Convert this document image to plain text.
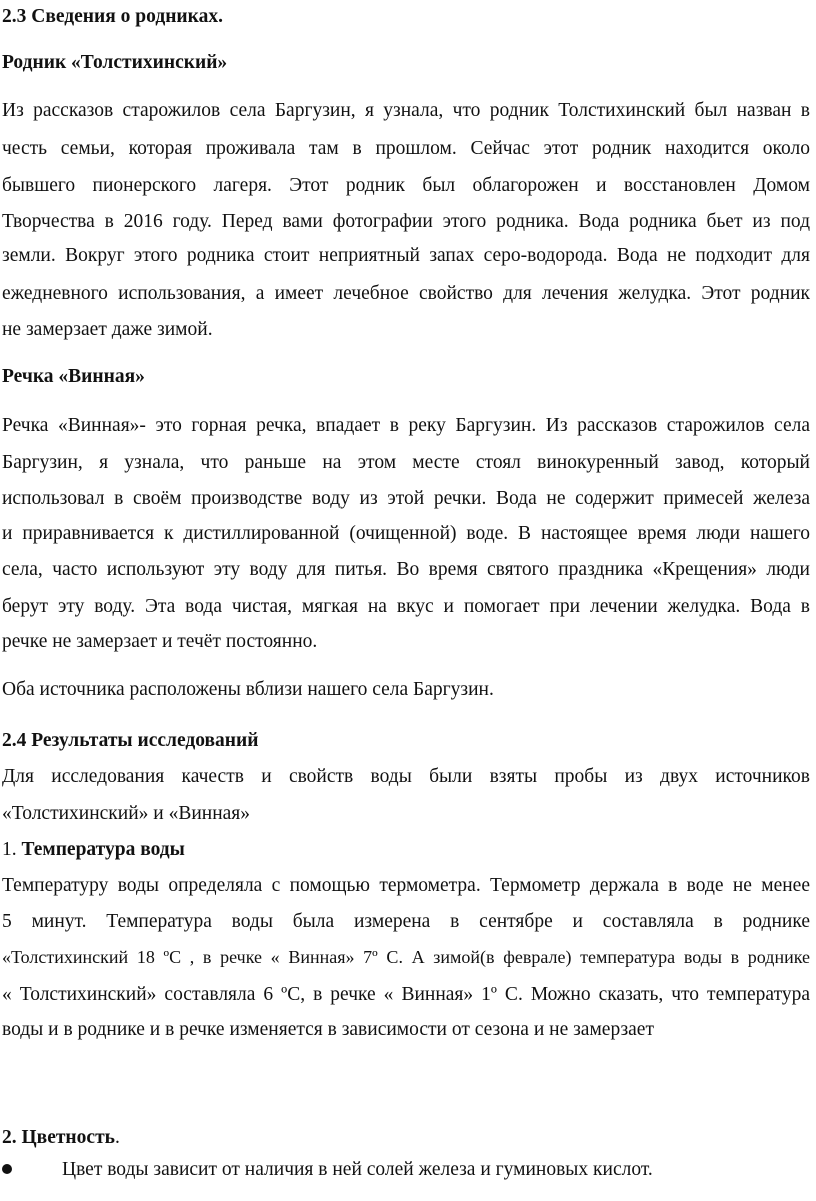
2.3 Сведения о родниках.
Родник «Толстихинский»
Из рассказов старожилов села Баргузин, я узнала, что родник Толстихинский был назван в
честь семьи, которая проживала там в прошлом. Сейчас этот родник находится около
бывшего пионерского лагеря. Этот родник был облагорожен и восстановлен Домом
Творчества в 2016 году. Перед вами фотографии этого родника. Вода родника бьет из под
земли. Вокруг этого родника стоит неприятный запах серо-водорода. Вода не подходит для
ежедневного использования, а имеет лечебное свойство для лечения желудка. Этот родник
не замерзает даже зимой.
Речка «Винная»
Речка «Винная»- это горная речка, впадает в реку Баргузин. Из рассказов старожилов села
Баргузин, я узнала, что раньше на этом месте стоял винокуренный завод, который
использовал в своём производстве воду из этой речки. Вода не содержит примесей железа
и приравнивается к дистиллированной (очищенной) воде. В настоящее время люди нашего
села, часто используют эту воду для питья. Во время святого праздника «Крещения» люди
берут эту воду. Эта вода чистая, мягкая на вкус и помогает при лечении желудка. Вода в
речке не замерзает и течёт постоянно.
Оба источника расположены вблизи нашего села Баргузин.
2.4 Результаты исследований
Для исследования качеств и свойств воды были взяты пробы из двух источников
«Толстихинский» и «Винная»
1. Температура воды
Температуру воды определяла с помощью термометра. Термометр держала в воде не менее
5 минут. Температура воды была измерена в сентябре и составляла в роднике
«Толстихинский 18 ºC , в речке « Винная» 7º C. А зимой(в феврале) температура воды в роднике
« Толстихинский» составляла 6 ºC, в речке « Винная» 1º C. Можно сказать, что температура
воды и в роднике и в речке изменяется в зависимости от сезона и не замерзает
2. Цветность.
Цвет воды зависит от наличия в ней солей железа и гуминовых кислот.
